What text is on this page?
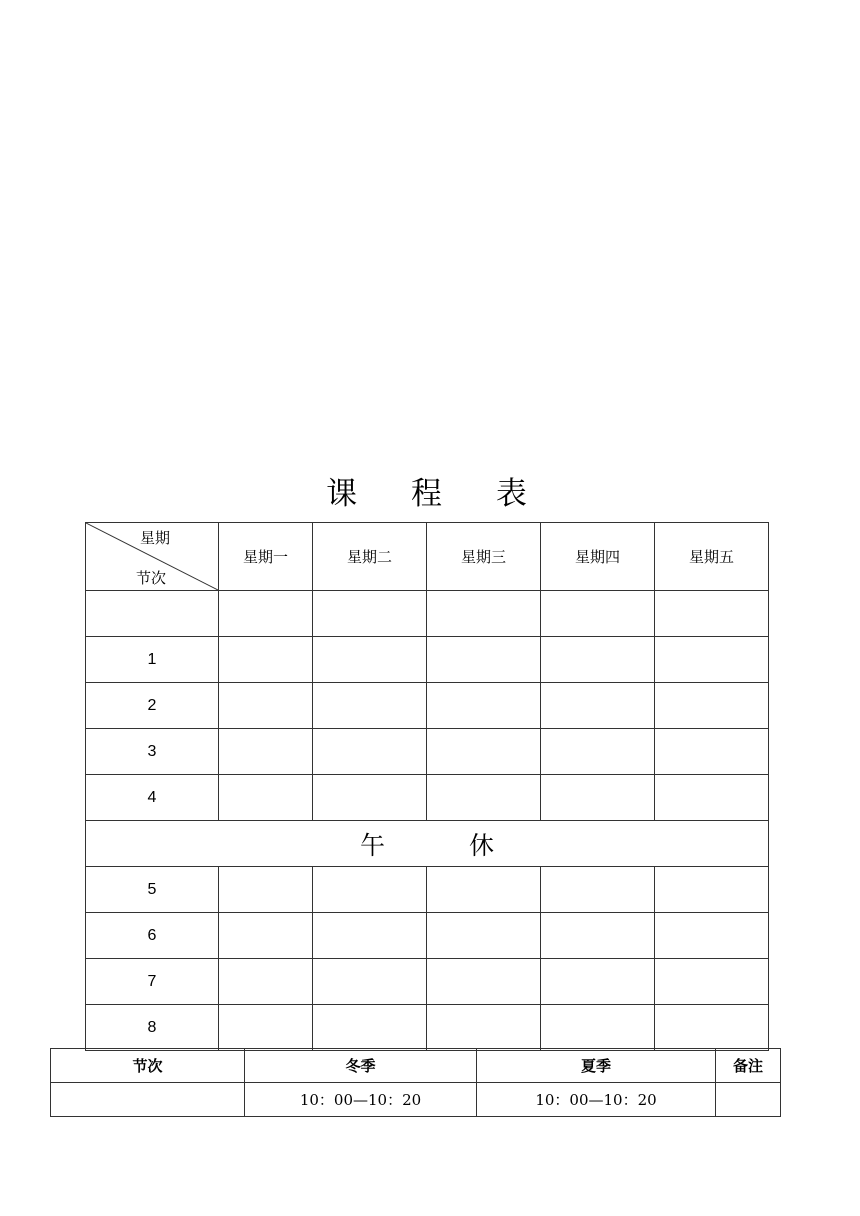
课 程 表
星期
节次	星期一	星期二	星期三	星期四	星期五

1					
2					
3					
4					
午休					
5					
6					
7					
8					
节次	冬季	夏季	备注
	10：00—10：20	10：00—10：20	
